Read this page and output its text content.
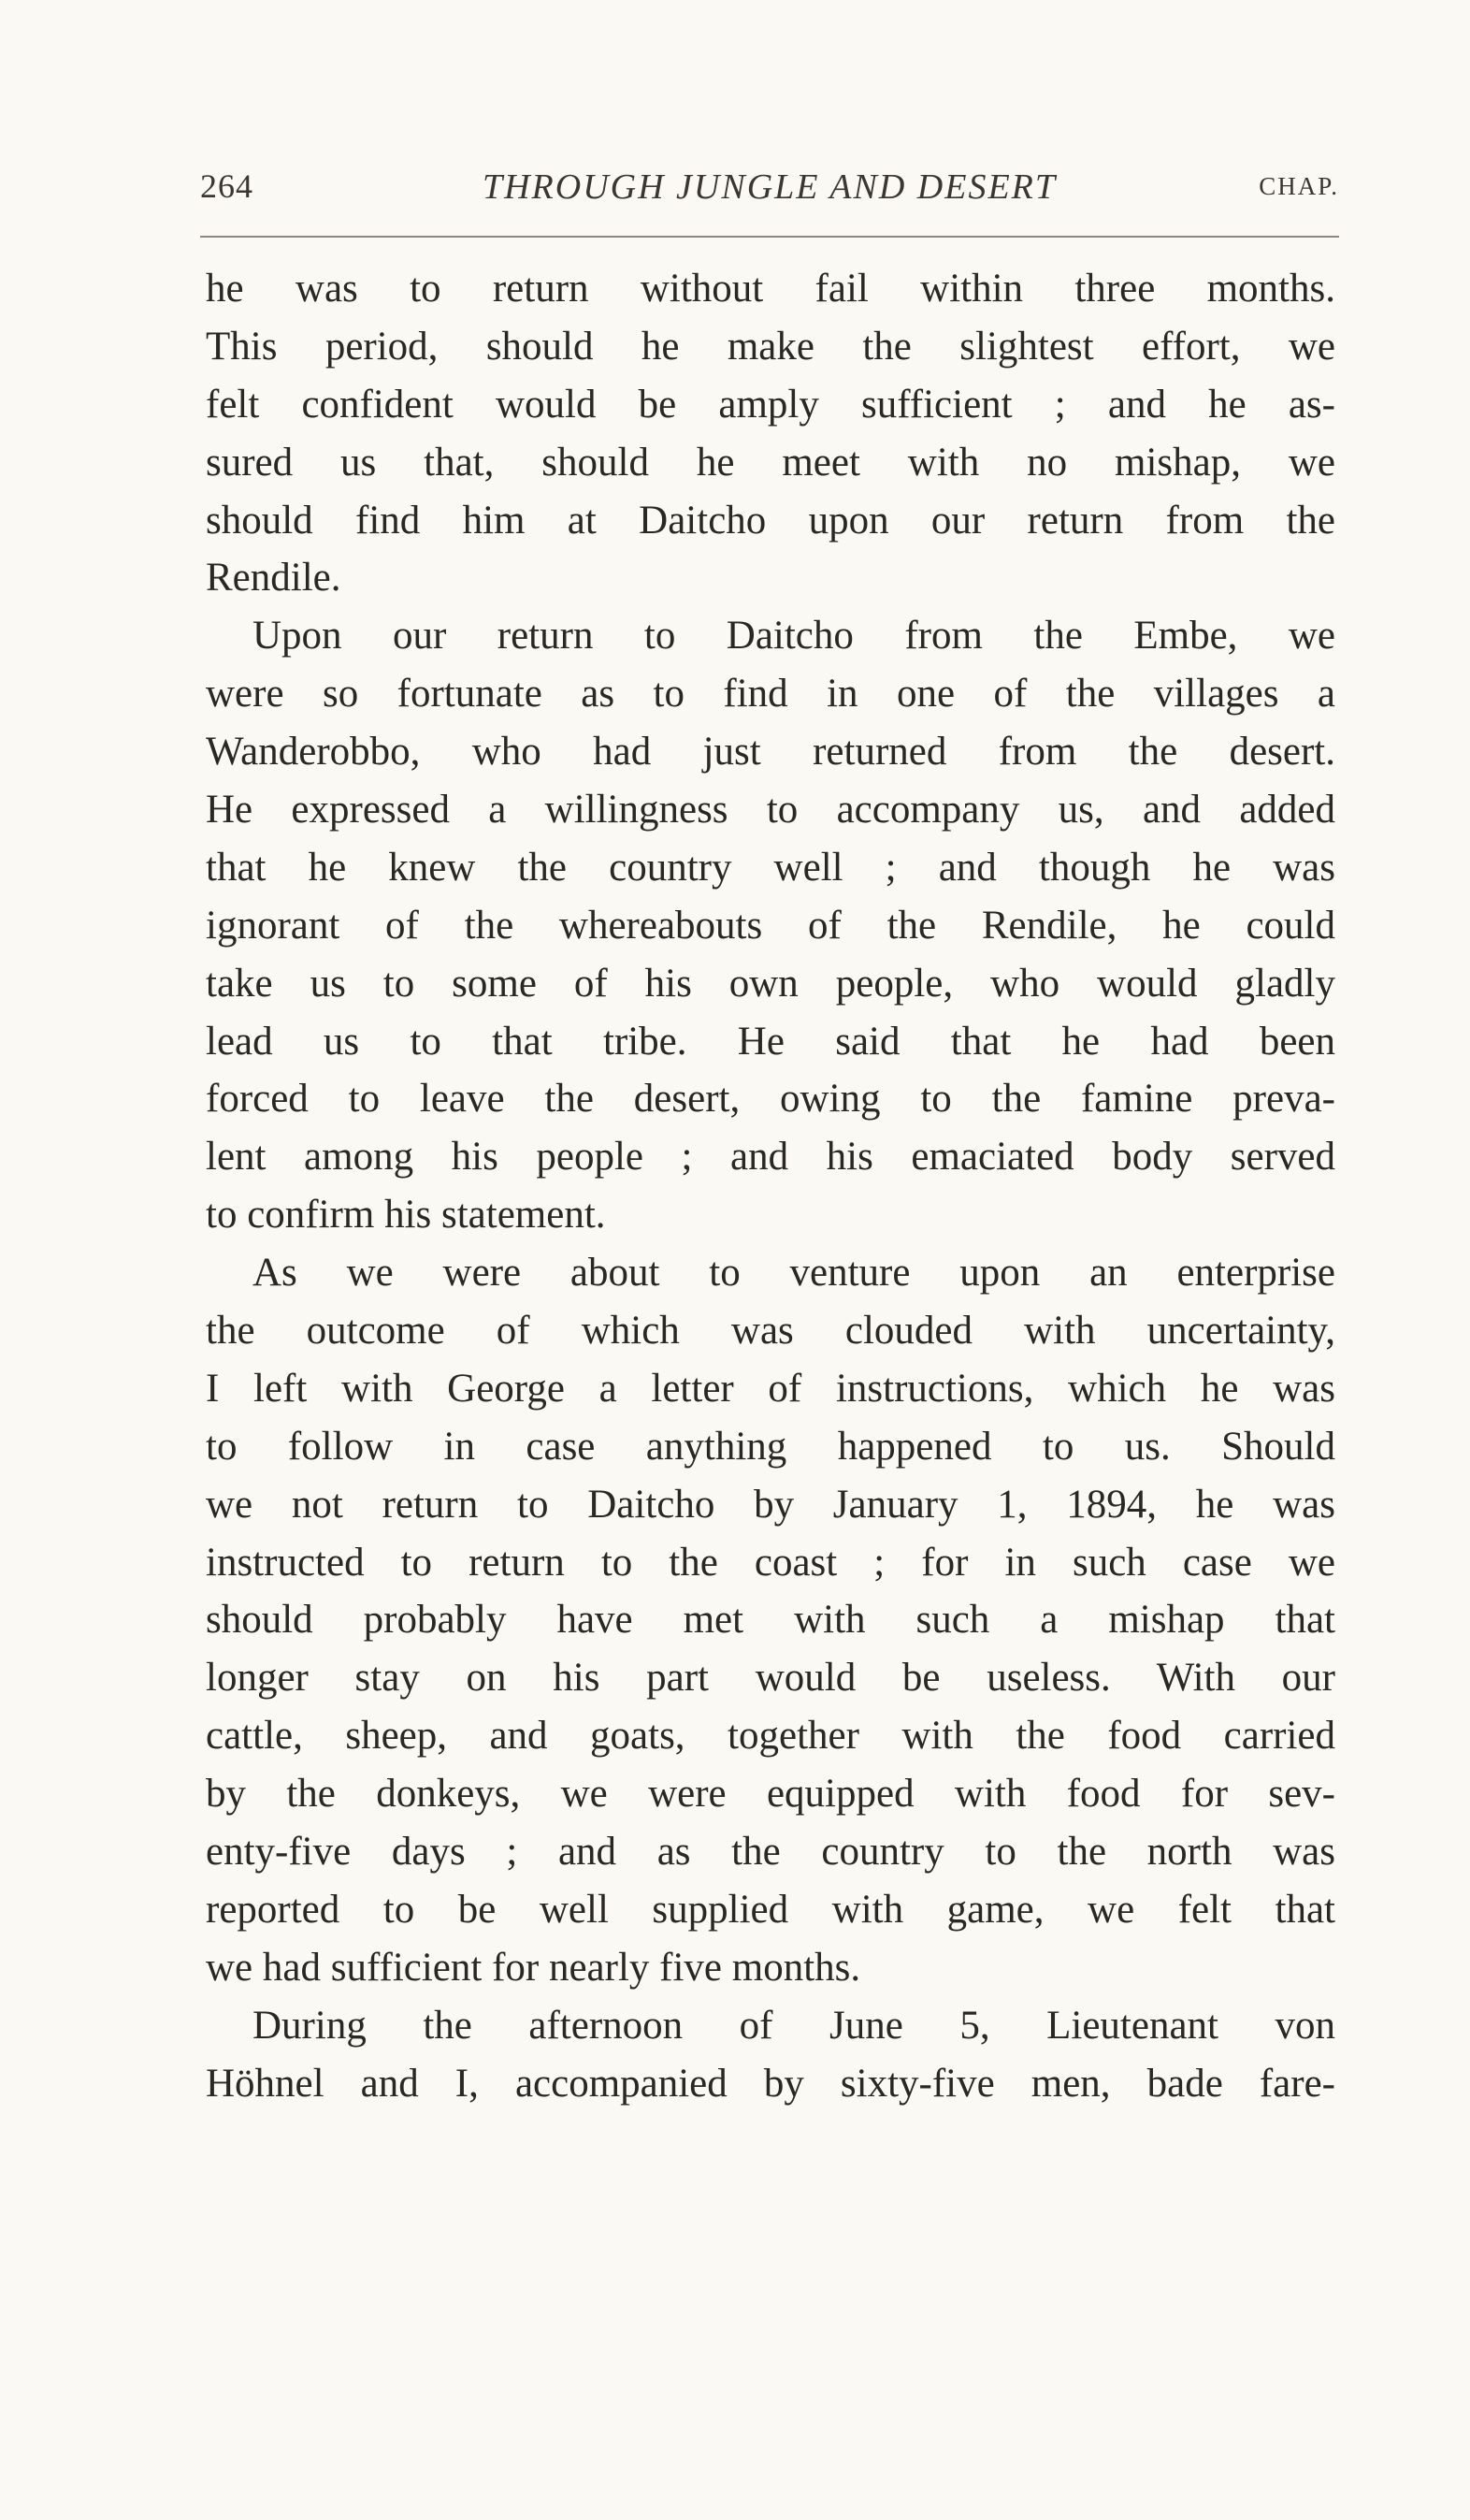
264	THROUGH JUNGLE AND DESERT	CHAP.
he was to return without fail within three months.
This period, should he make the slightest effort, we
felt confident would be amply sufficient ; and he as-
sured us that, should he meet with no mishap, we
should find him at Daitcho upon our return from the
Rendile.
Upon our return to Daitcho from the Embe, we
were so fortunate as to find in one of the villages a
Wanderobbo, who had just returned from the desert.
He expressed a willingness to accompany us, and added
that he knew the country well ; and though he was
ignorant of the whereabouts of the Rendile, he could
take us to some of his own people, who would gladly
lead us to that tribe. He said that he had been
forced to leave the desert, owing to the famine preva-
lent among his people ; and his emaciated body served
to confirm his statement.
As we were about to venture upon an enterprise
the outcome of which was clouded with uncertainty,
I left with George a letter of instructions, which he was
to follow in case anything happened to us. Should
we not return to Daitcho by January 1, 1894, he was
instructed to return to the coast ; for in such case we
should probably have met with such a mishap that
longer stay on his part would be useless. With our
cattle, sheep, and goats, together with the food carried
by the donkeys, we were equipped with food for sev-
enty-five days ; and as the country to the north was
reported to be well supplied with game, we felt that
we had sufficient for nearly five months.
During the afternoon of June 5, Lieutenant von
Höhnel and I, accompanied by sixty-five men, bade fare-
